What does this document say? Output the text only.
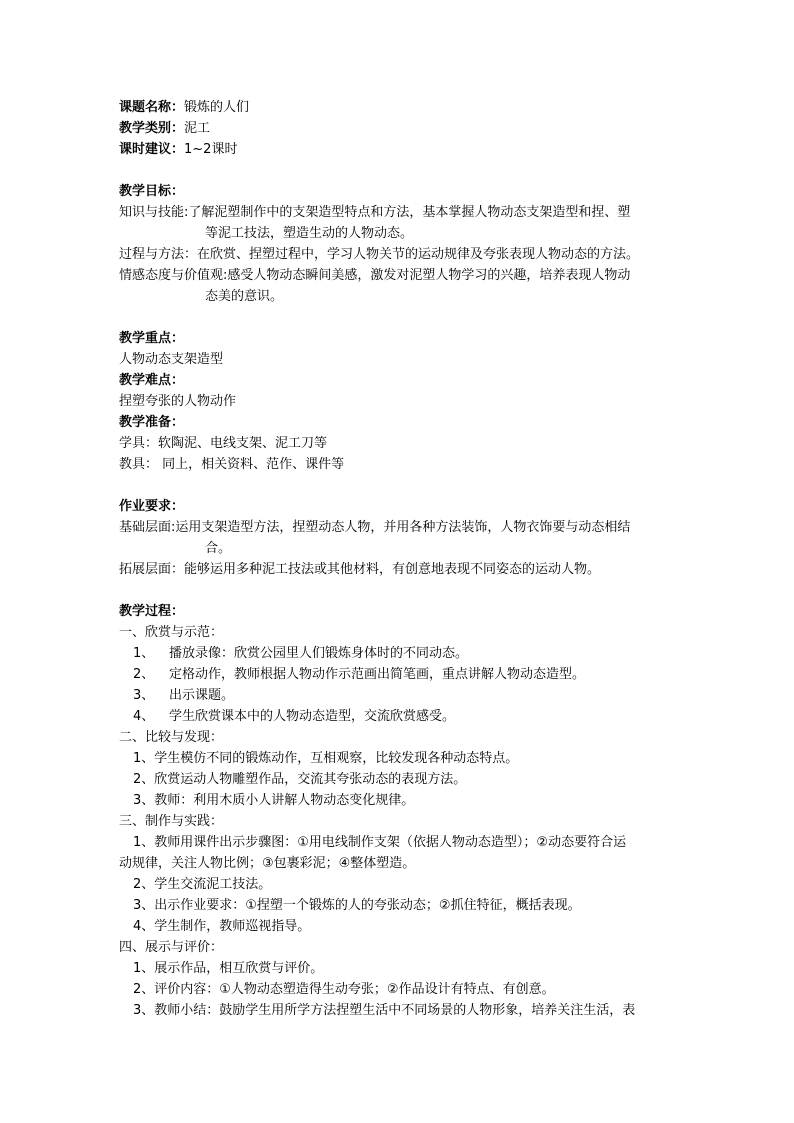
课题名称：锻炼的人们
教学类别：泥工
课时建议：1~2课时
教学目标：
知识与技能: 了解泥塑制作中的支架造型特点和方法，基本掌握人物动态支架造型和捏、塑
等泥工技法，塑造生动的人物动态。
过程与方法： 在欣赏、捏塑过程中，学习人物关节的运动规律及夸张表现人物动态的方法。
情感态度与价值观: 感受人物动态瞬间美感，激发对泥塑人物学习的兴趣，培养表现人物动
态美的意识。
教学重点：
人物动态支架造型
教学难点：
捏塑夸张的人物动作
教学准备：
学具：软陶泥、电线支架、泥工刀等
教具： 同上，相关资料、范作、课件等
作业要求：
基础层面: 运用支架造型方法，捏塑动态人物，并用各种方法装饰，人物衣饰要与动态相结
合。
拓展层面： 能够运用多种泥工技法或其他材料，有创意地表现不同姿态的运动人物。
教学过程：
一、欣赏与示范：
1、 播放录像：欣赏公园里人们锻炼身体时的不同动态。
2、 定格动作，教师根据人物动作示范画出简笔画，重点讲解人物动态造型。
3、 出示课题。
4、 学生欣赏课本中的人物动态造型，交流欣赏感受。
二、比较与发现：
1、学生模仿不同的锻炼动作，互相观察，比较发现各种动态特点。
2、欣赏运动人物雕塑作品，交流其夸张动态的表现方法。
3、教师：利用木质小人讲解人物动态变化规律。
三、制作与实践：
1、教师用课件出示步骤图：①用电线制作支架（依据人物动态造型）；②动态要符合运
动规律，关注人物比例；③包裹彩泥；④整体塑造。
2、学生交流泥工技法。
3、出示作业要求：①捏塑一个锻炼的人的夸张动态；②抓住特征，概括表现。
4、学生制作，教师巡视指导。
四、展示与评价：
1、展示作品，相互欣赏与评价。
2、评价内容：①人物动态塑造得生动夸张；②作品设计有特点、有创意。
3、教师小结：鼓励学生用所学方法捏塑生活中不同场景的人物形象，培养关注生活，表
